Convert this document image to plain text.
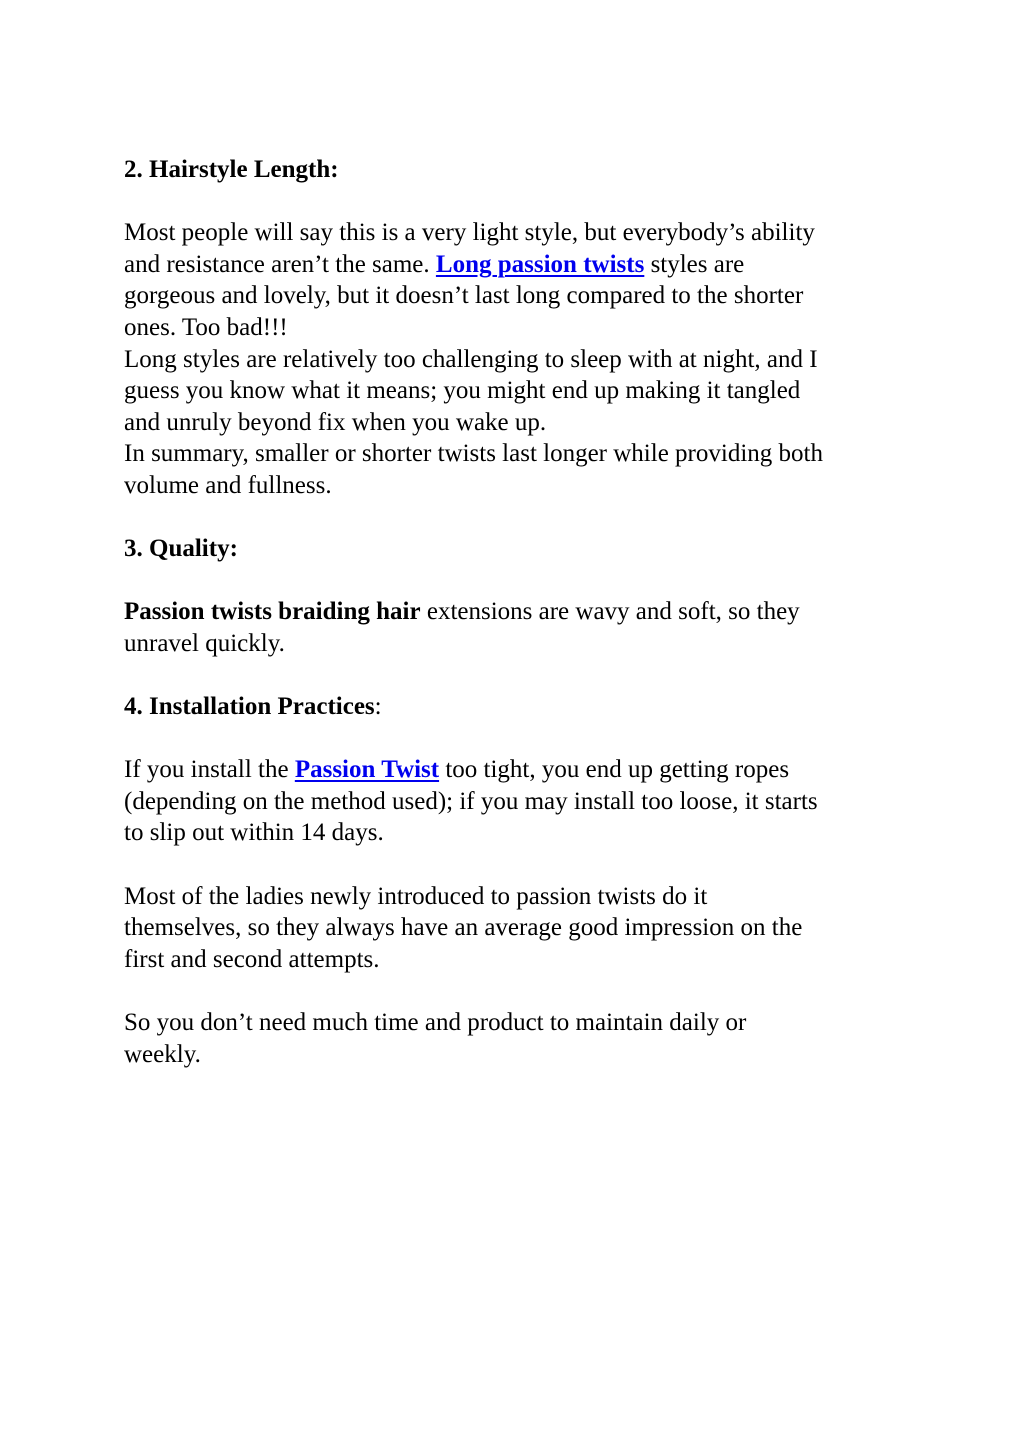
2. Hairstyle Length:

Most people will say this is a very light style, but everybody’s ability
and resistance aren’t the same. Long passion twists styles are
gorgeous and lovely, but it doesn’t last long compared to the shorter
ones. Too bad!!!

Long styles are relatively too challenging to sleep with at night, and I
guess you know what it means; you might end up making it tangled
and unruly beyond fix when you wake up.

In summary, smaller or shorter twists last longer while providing both
volume and fullness.

3. Quality:

Passion twists braiding hair extensions are wavy and soft, so they
unravel quickly.

4. Installation Practices:

If you install the Passion Twist too tight, you end up getting ropes
(depending on the method used); if you may install too loose, it starts
to slip out within 14 days.

Most of the ladies newly introduced to passion twists do it
themselves, so they always have an average good impression on the
first and second attempts.

So you don’t need much time and product to maintain daily or
weekly.
